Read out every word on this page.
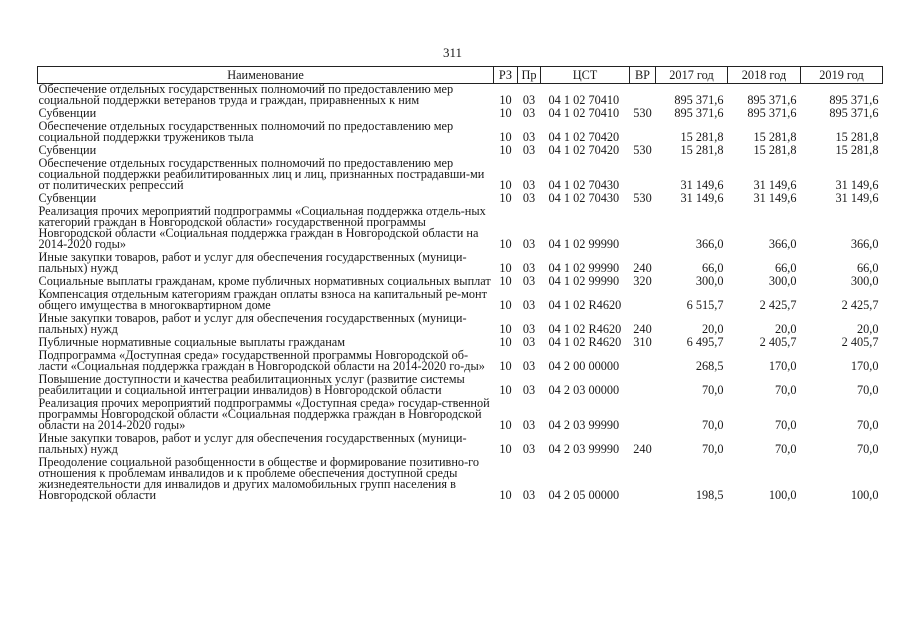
311
Наименование	РЗ	Пр	ЦСТ	ВР	2017 год	2018 год	2019 год
Обеспечение отдельных государственных полномочий по предоставлению мер социальной поддержки ветеранов труда и граждан, приравненных к ним	10	03	04 1 02 70410		895 371,6	895 371,6	895 371,6
Субвенции	10	03	04 1 02 70410	530	895 371,6	895 371,6	895 371,6
Обеспечение отдельных государственных полномочий по предоставлению мер социальной поддержки тружеников тыла	10	03	04 1 02 70420		15 281,8	15 281,8	15 281,8
Субвенции	10	03	04 1 02 70420	530	15 281,8	15 281,8	15 281,8
Обеспечение отдельных государственных полномочий по предоставлению мер социальной поддержки реабилитированных лиц и лиц, признанных пострадавши-ми от политических репрессий	10	03	04 1 02 70430		31 149,6	31 149,6	31 149,6
Субвенции	10	03	04 1 02 70430	530	31 149,6	31 149,6	31 149,6
Реализация прочих мероприятий подпрограммы «Социальная поддержка отдель-ных категорий граждан в Новгородской области» государственной программы Новгородской области «Социальная поддержка граждан в Новгородской области на 2014-2020 годы»	10	03	04 1 02 99990		366,0	366,0	366,0
Иные закупки товаров, работ и услуг для обеспечения государственных (муници-пальных) нужд	10	03	04 1 02 99990	240	66,0	66,0	66,0
Социальные выплаты гражданам, кроме публичных нормативных социальных выплат	10	03	04 1 02 99990	320	300,0	300,0	300,0
Компенсация отдельным категориям граждан оплаты взноса на капитальный ре-монт общего имущества в многоквартирном доме	10	03	04 1 02 R4620		6 515,7	2 425,7	2 425,7
Иные закупки товаров, работ и услуг для обеспечения государственных (муници-пальных) нужд	10	03	04 1 02 R4620	240	20,0	20,0	20,0
Публичные нормативные социальные выплаты гражданам	10	03	04 1 02 R4620	310	6 495,7	2 405,7	2 405,7
Подпрограмма «Доступная среда» государственной программы Новгородской об-ласти «Социальная поддержка граждан в Новгородской области на 2014-2020 го-ды»	10	03	04 2 00 00000		268,5	170,0	170,0
Повышение доступности и качества реабилитационных услуг (развитие системы реабилитации и социальной интеграции инвалидов) в Новгородской области	10	03	04 2 03 00000		70,0	70,0	70,0
Реализация прочих мероприятий подпрограммы «Доступная среда» государ-ственной программы Новгородской области «Социальная поддержка граждан в Новгородской области на 2014-2020 годы»	10	03	04 2 03 99990		70,0	70,0	70,0
Иные закупки товаров, работ и услуг для обеспечения государственных (муници-пальных) нужд	10	03	04 2 03 99990	240	70,0	70,0	70,0
Преодоление социальной разобщенности в обществе и формирование позитивно-го отношения к проблемам инвалидов и к проблеме обеспечения доступной среды жизнедеятельности для инвалидов и других маломобильных групп населения в Новгородской области	10	03	04 2 05 00000		198,5	100,0	100,0
